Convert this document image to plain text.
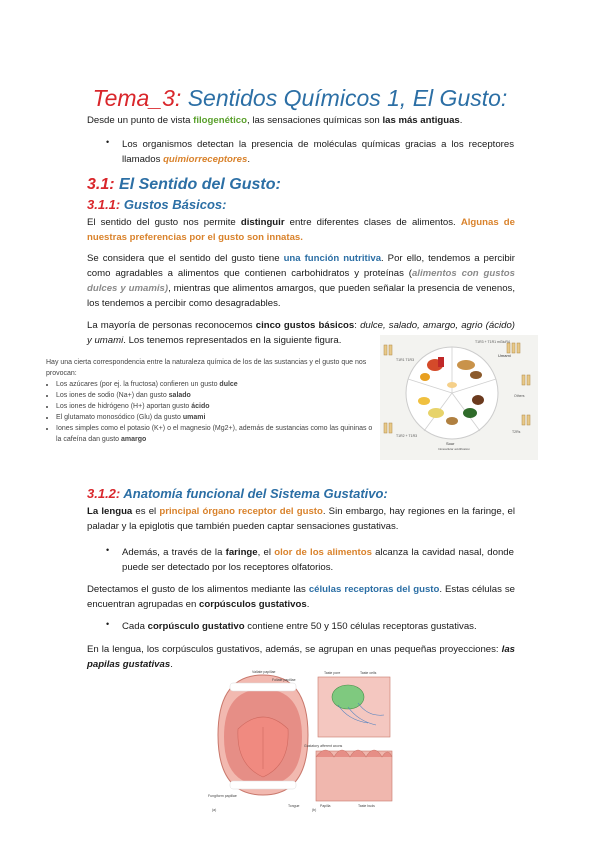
Tema_3: Sentidos Químicos 1, El Gusto:

Desde un punto de vista filogenético, las sensaciones químicas son las más antiguas.

• Los organismos detectan la presencia de moléculas químicas gracias a los receptores llamados quimiorreceptores.

3.1: El Sentido del Gusto:
3.1.1: Gustos Básicos:

El sentido del gusto nos permite distinguir entre diferentes clases de alimentos. Algunas de nuestras preferencias por el gusto son innatas.

Se considera que el sentido del gusto tiene una función nutritiva. Por ello, tendemos a percibir como agradables a alimentos que contienen carbohidratos y proteínas (alimentos con gustos dulces y umamis), mientras que alimentos amargos, que pueden señalar la presencia de venenos, los tendemos a percibir como desagradables.

La mayoría de personas reconocemos cinco gustos básicos: dulce, salado, amargo, agrio (ácido) y umami. Los tenemos representados en la siguiente figura.

Hay una cierta correspondencia entre la naturaleza química de los de las sustancias y el gusto que nos provocan:
• Los azúcares (por ej. la fructosa) confieren un gusto dulce
• Los iones de sodio (Na+) dan gusto salado
• Los iones de hidrógeno (H+) aportan gusto ácido
• El glutamato monosódico (Glu) da gusto umami
• Iones simples como el potasio (K+) o el magnesio (Mg2+), además de sustancias como las quininas o la cafeína dan gusto amargo
T1R1 T1R3
T1R3 + T1R1 mGluR4
Umami
Others
T1R2 + T1R3
T2Rs
Sour
Intracellular acidification
3.1.2: Anatomía funcional del Sistema Gustativo:

La lengua es el principal órgano receptor del gusto. Sin embargo, hay regiones en la faringe, el paladar y la epiglotis que también pueden captar sensaciones gustativas.

• Además, a través de la faringe, el olor de los alimentos alcanza la cavidad nasal, donde puede ser detectado por los receptores olfatorios.

Detectamos el gusto de los alimentos mediante las células receptoras del gusto. Estas células se encuentran agrupadas en corpúsculos gustativos.

• Cada corpúsculo gustativo contiene entre 50 y 150 células receptoras gustativas.

En la lengua, los corpúsculos gustativos, además, se agrupan en unas pequeñas proyecciones: las papilas gustativas.

Vallate papillae
Foliate papillae
Fungiform papillae
Taste pore	Taste cells
Gustatory afferent axons
Papilla
Tongue	Taste buds
(a)	(b)
